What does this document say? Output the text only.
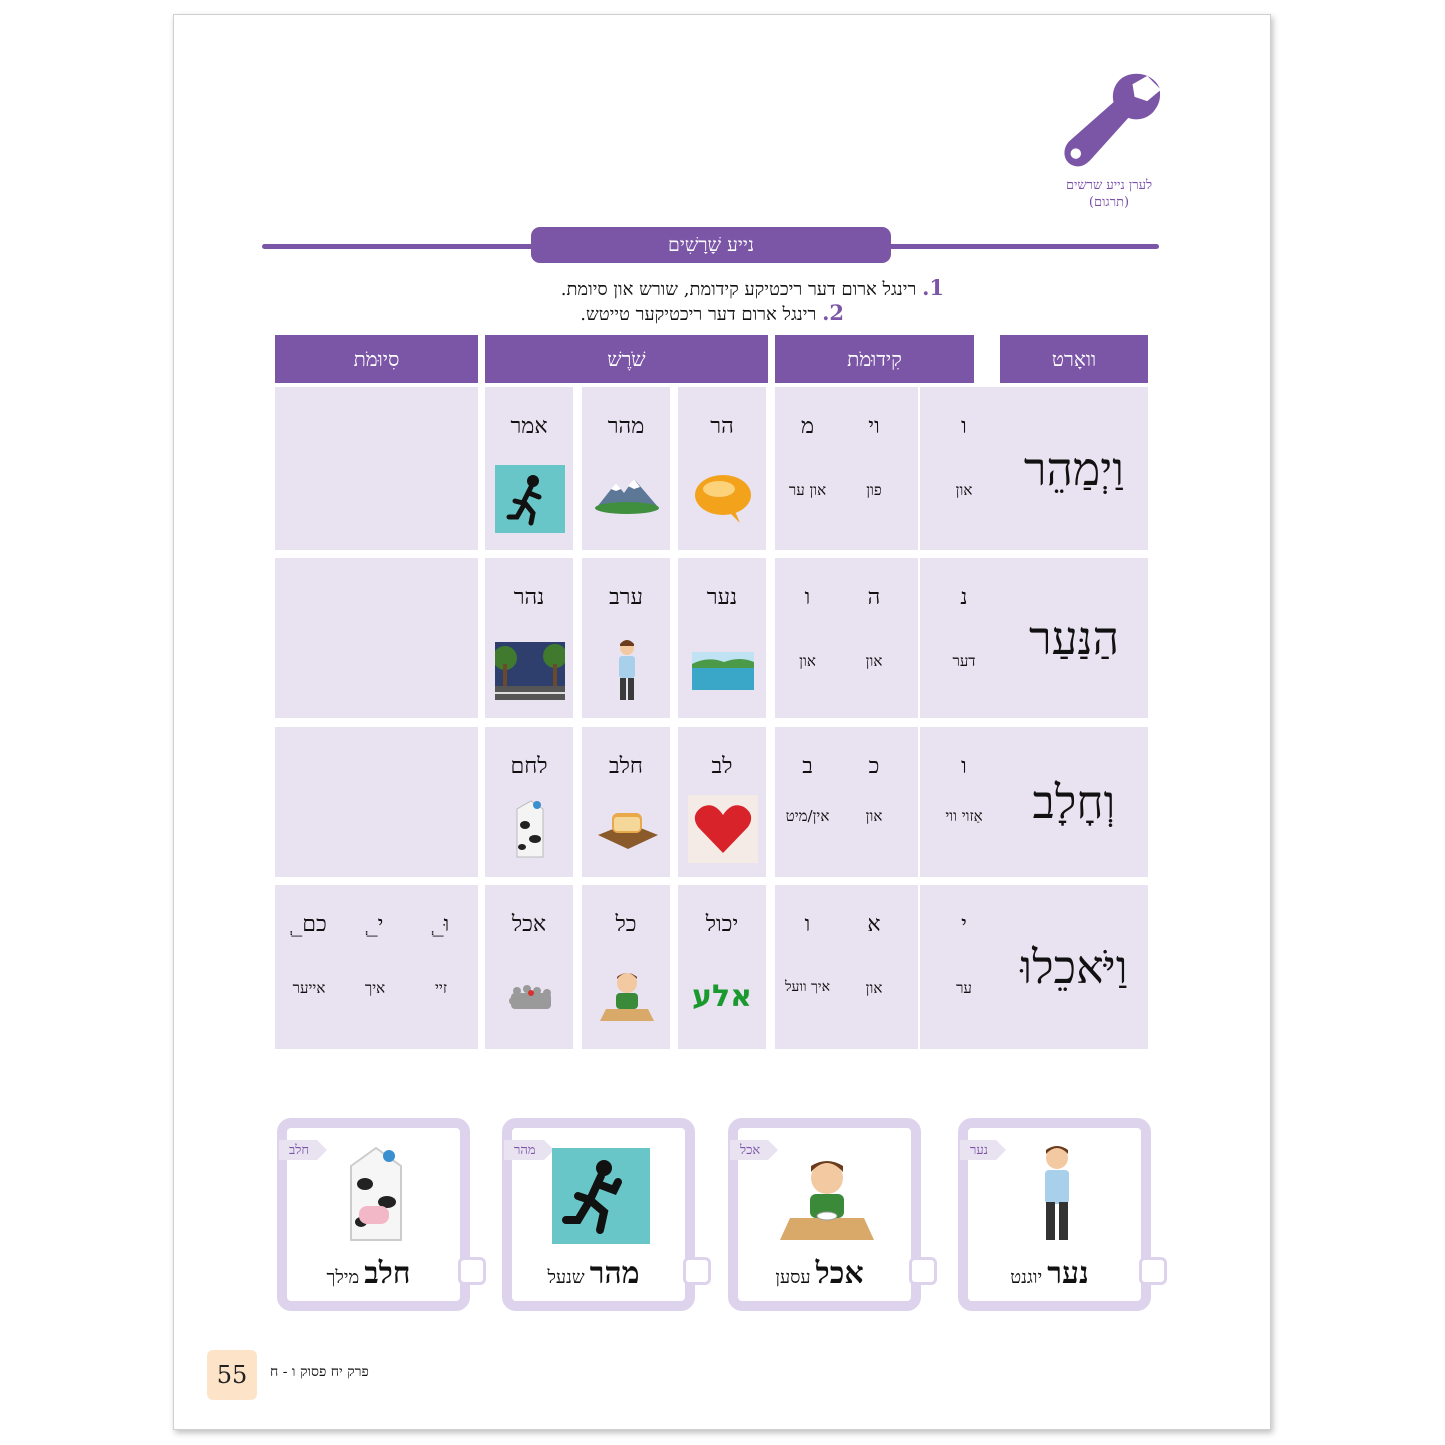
לערן נייע שרשים
(תרגום)
נייע שָׁרָשִׁים
1. רינגל ארום דער ריכטיקע קידומת, שורש און סיומת.
2. רינגל ארום דער ריכטיקער טייטש.
וואָרט
קִידוּמֹת
שֹׁרֶשׁ
סִיוּמֹת
וַיְמַהֵר
ו
און
וי
פון
מ
און ער
הר
מהר
אמר
הַנַּעַר
נ
דער
ה
און
ו
און
נער
ערב
נהר
וְחָלָב
ו
אַזוי ווי
כ
און
ב
אין/מיט
לב
חלב
לחם
וַיֹּאכֵלוּ
י
ער
א
און
ו
איך וועל
יכול
אלע
כל
אכל
ְ_וּ
זיי
ְ_י
איך
ְ_כם
אייער
חלב
חלב מילך
מהר
מהר שנעל
אכל
אכל עסען
נער
נער יוגנט
55	פרק יח פסוק ו - ח
